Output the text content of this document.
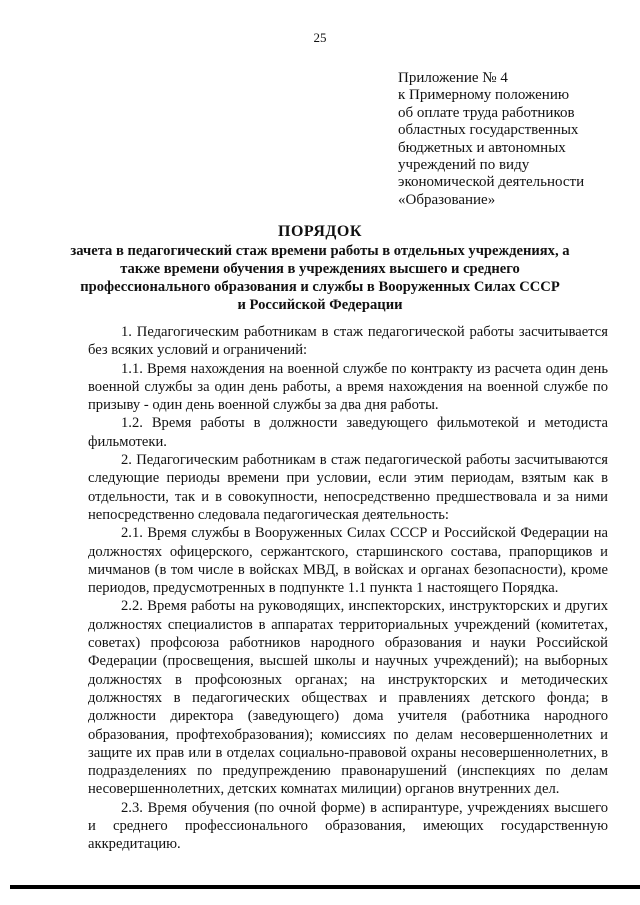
25
Приложение № 4
к Примерному положению
об оплате труда работников
областных государственных
бюджетных и автономных
учреждений по виду
экономической деятельности
«Образование»
ПОРЯДОК
зачета в педагогический стаж времени работы в отдельных учреждениях, а
также времени обучения в учреждениях высшего и среднего
профессионального образования и службы в Вооруженных Силах СССР
и Российской Федерации

1. Педагогическим работникам в стаж педагогической работы засчитывается без всяких условий и ограничений:

1.1. Время нахождения на военной службе по контракту из расчета один день военной службы за один день работы, а время нахождения на военной службе по призыву - один день военной службы за два дня работы.

1.2. Время работы в должности заведующего фильмотекой и методиста фильмотеки.

2. Педагогическим работникам в стаж педагогической работы засчитываются следующие периоды времени при условии, если этим периодам, взятым как в отдельности, так и в совокупности, непосредственно предшествовала и за ними непосредственно следовала педагогическая деятельность:

2.1. Время службы в Вооруженных Силах СССР и Российской Федерации на должностях офицерского, сержантского, старшинского состава, прапорщиков и мичманов (в том числе в войсках МВД, в войсках и органах безопасности), кроме периодов, предусмотренных в подпункте 1.1 пункта 1 настоящего Порядка.

2.2. Время работы на руководящих, инспекторских, инструкторских и других должностях специалистов в аппаратах территориальных учреждений (комитетах, советах) профсоюза работников народного образования и науки Российской Федерации (просвещения, высшей школы и научных учреждений); на выборных должностях в профсоюзных органах; на инструкторских и методических должностях в педагогических обществах и правлениях детского фонда; в должности директора (заведующего) дома учителя (работника народного образования, профтехобразования); комиссиях по делам несовершеннолетних и защите их прав или в отделах социально-правовой охраны несовершеннолетних, в подразделениях по предупреждению правонарушений (инспекциях по делам несовершеннолетних, детских комнатах милиции) органов внутренних дел.

2.3. Время обучения (по очной форме) в аспирантуре, учреждениях высшего и среднего профессионального образования, имеющих государственную аккредитацию.
